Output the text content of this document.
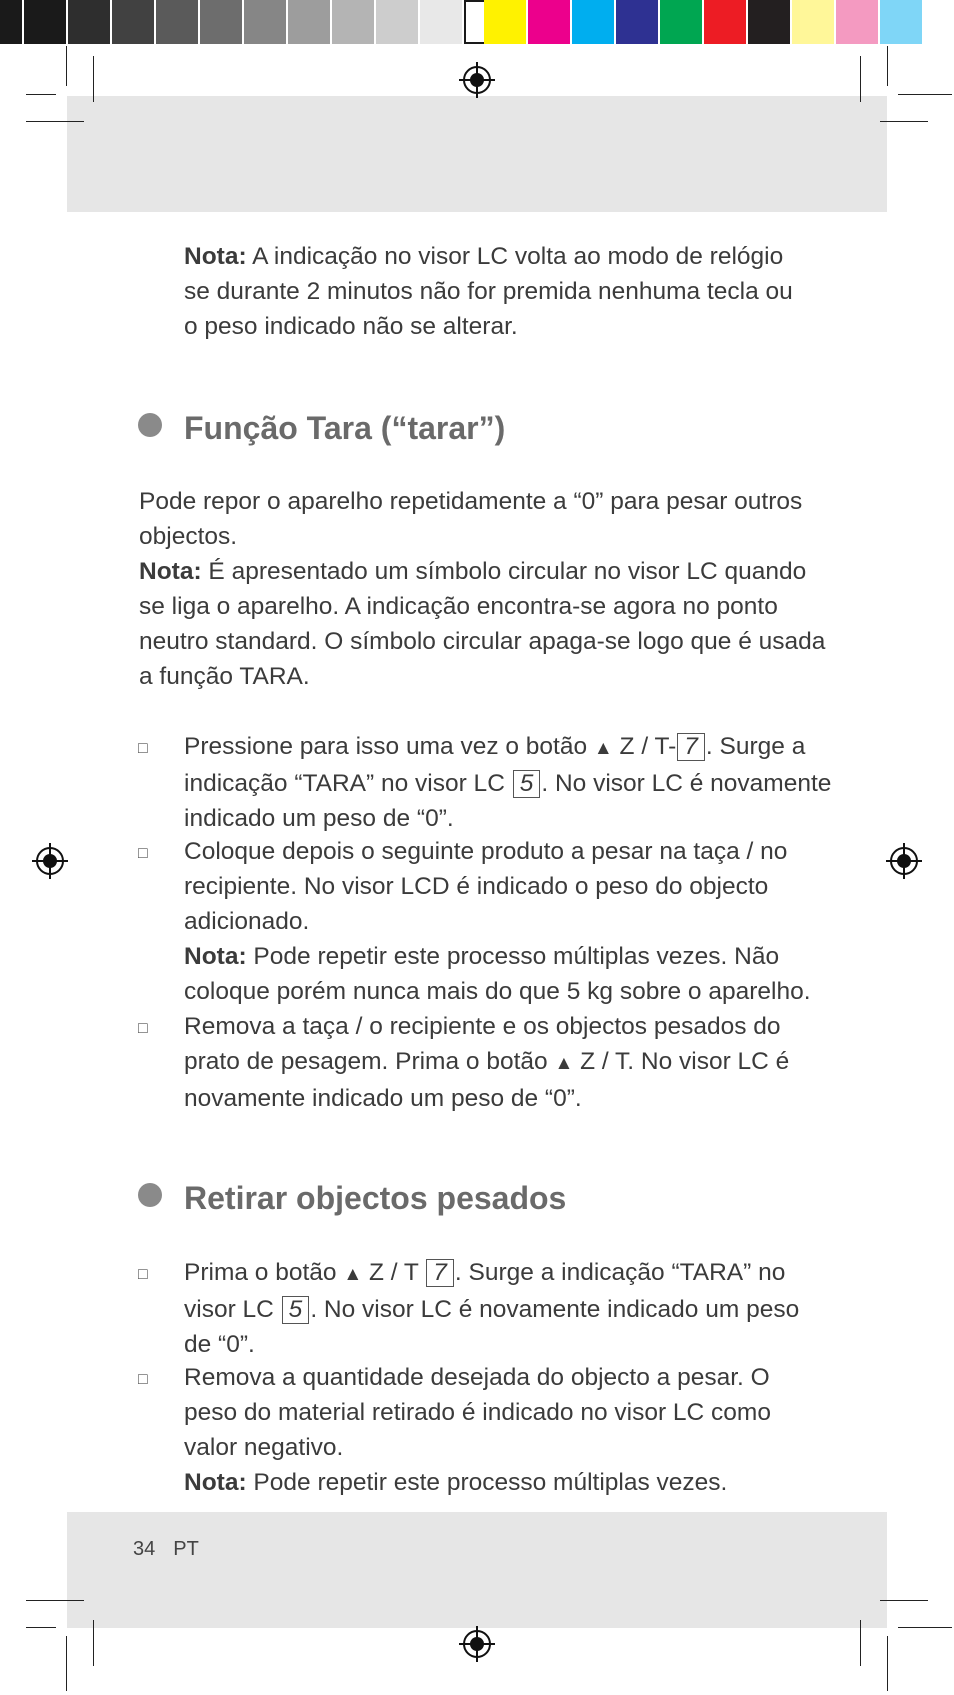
Nota: A indicação no visor LC volta ao modo de relógio
se durante 2 minutos não for premida nenhuma tecla ou
o peso indicado não se alterar.
Função Tara (“tarar”)
Pode repor o aparelho repetidamente a “0” para pesar outros
objectos.
Nota: É apresentado um símbolo circular no visor LC quando
se liga o aparelho. A indicação encontra-se agora no ponto
neutro standard. O símbolo circular apaga-se logo que é usada
a função TARA.
□ Pressione para isso uma vez o botão ▲ Z / T- 7 . Surge a
indicação “TARA” no visor LC 5 . No visor LC é novamente
indicado um peso de “0”.
□ Coloque depois o seguinte produto a pesar na taça / no
recipiente. No visor LCD é indicado o peso do objecto
adicionado.
Nota: Pode repetir este processo múltiplas vezes. Não
coloque porém nunca mais do que 5 kg sobre o aparelho.
□ Remova a taça / o recipiente e os objectos pesados do
prato de pesagem. Prima o botão ▲ Z / T. No visor LC é
novamente indicado um peso de “0”.
Retirar objectos pesados
□ Prima o botão ▲ Z / T 7 . Surge a indicação “TARA” no
visor LC 5 . No visor LC é novamente indicado um peso
de “0”.
□ Remova a quantidade desejada do objecto a pesar. O
peso do material retirado é indicado no visor LC como
valor negativo.
Nota: Pode repetir este processo múltiplas vezes.
34 PT
